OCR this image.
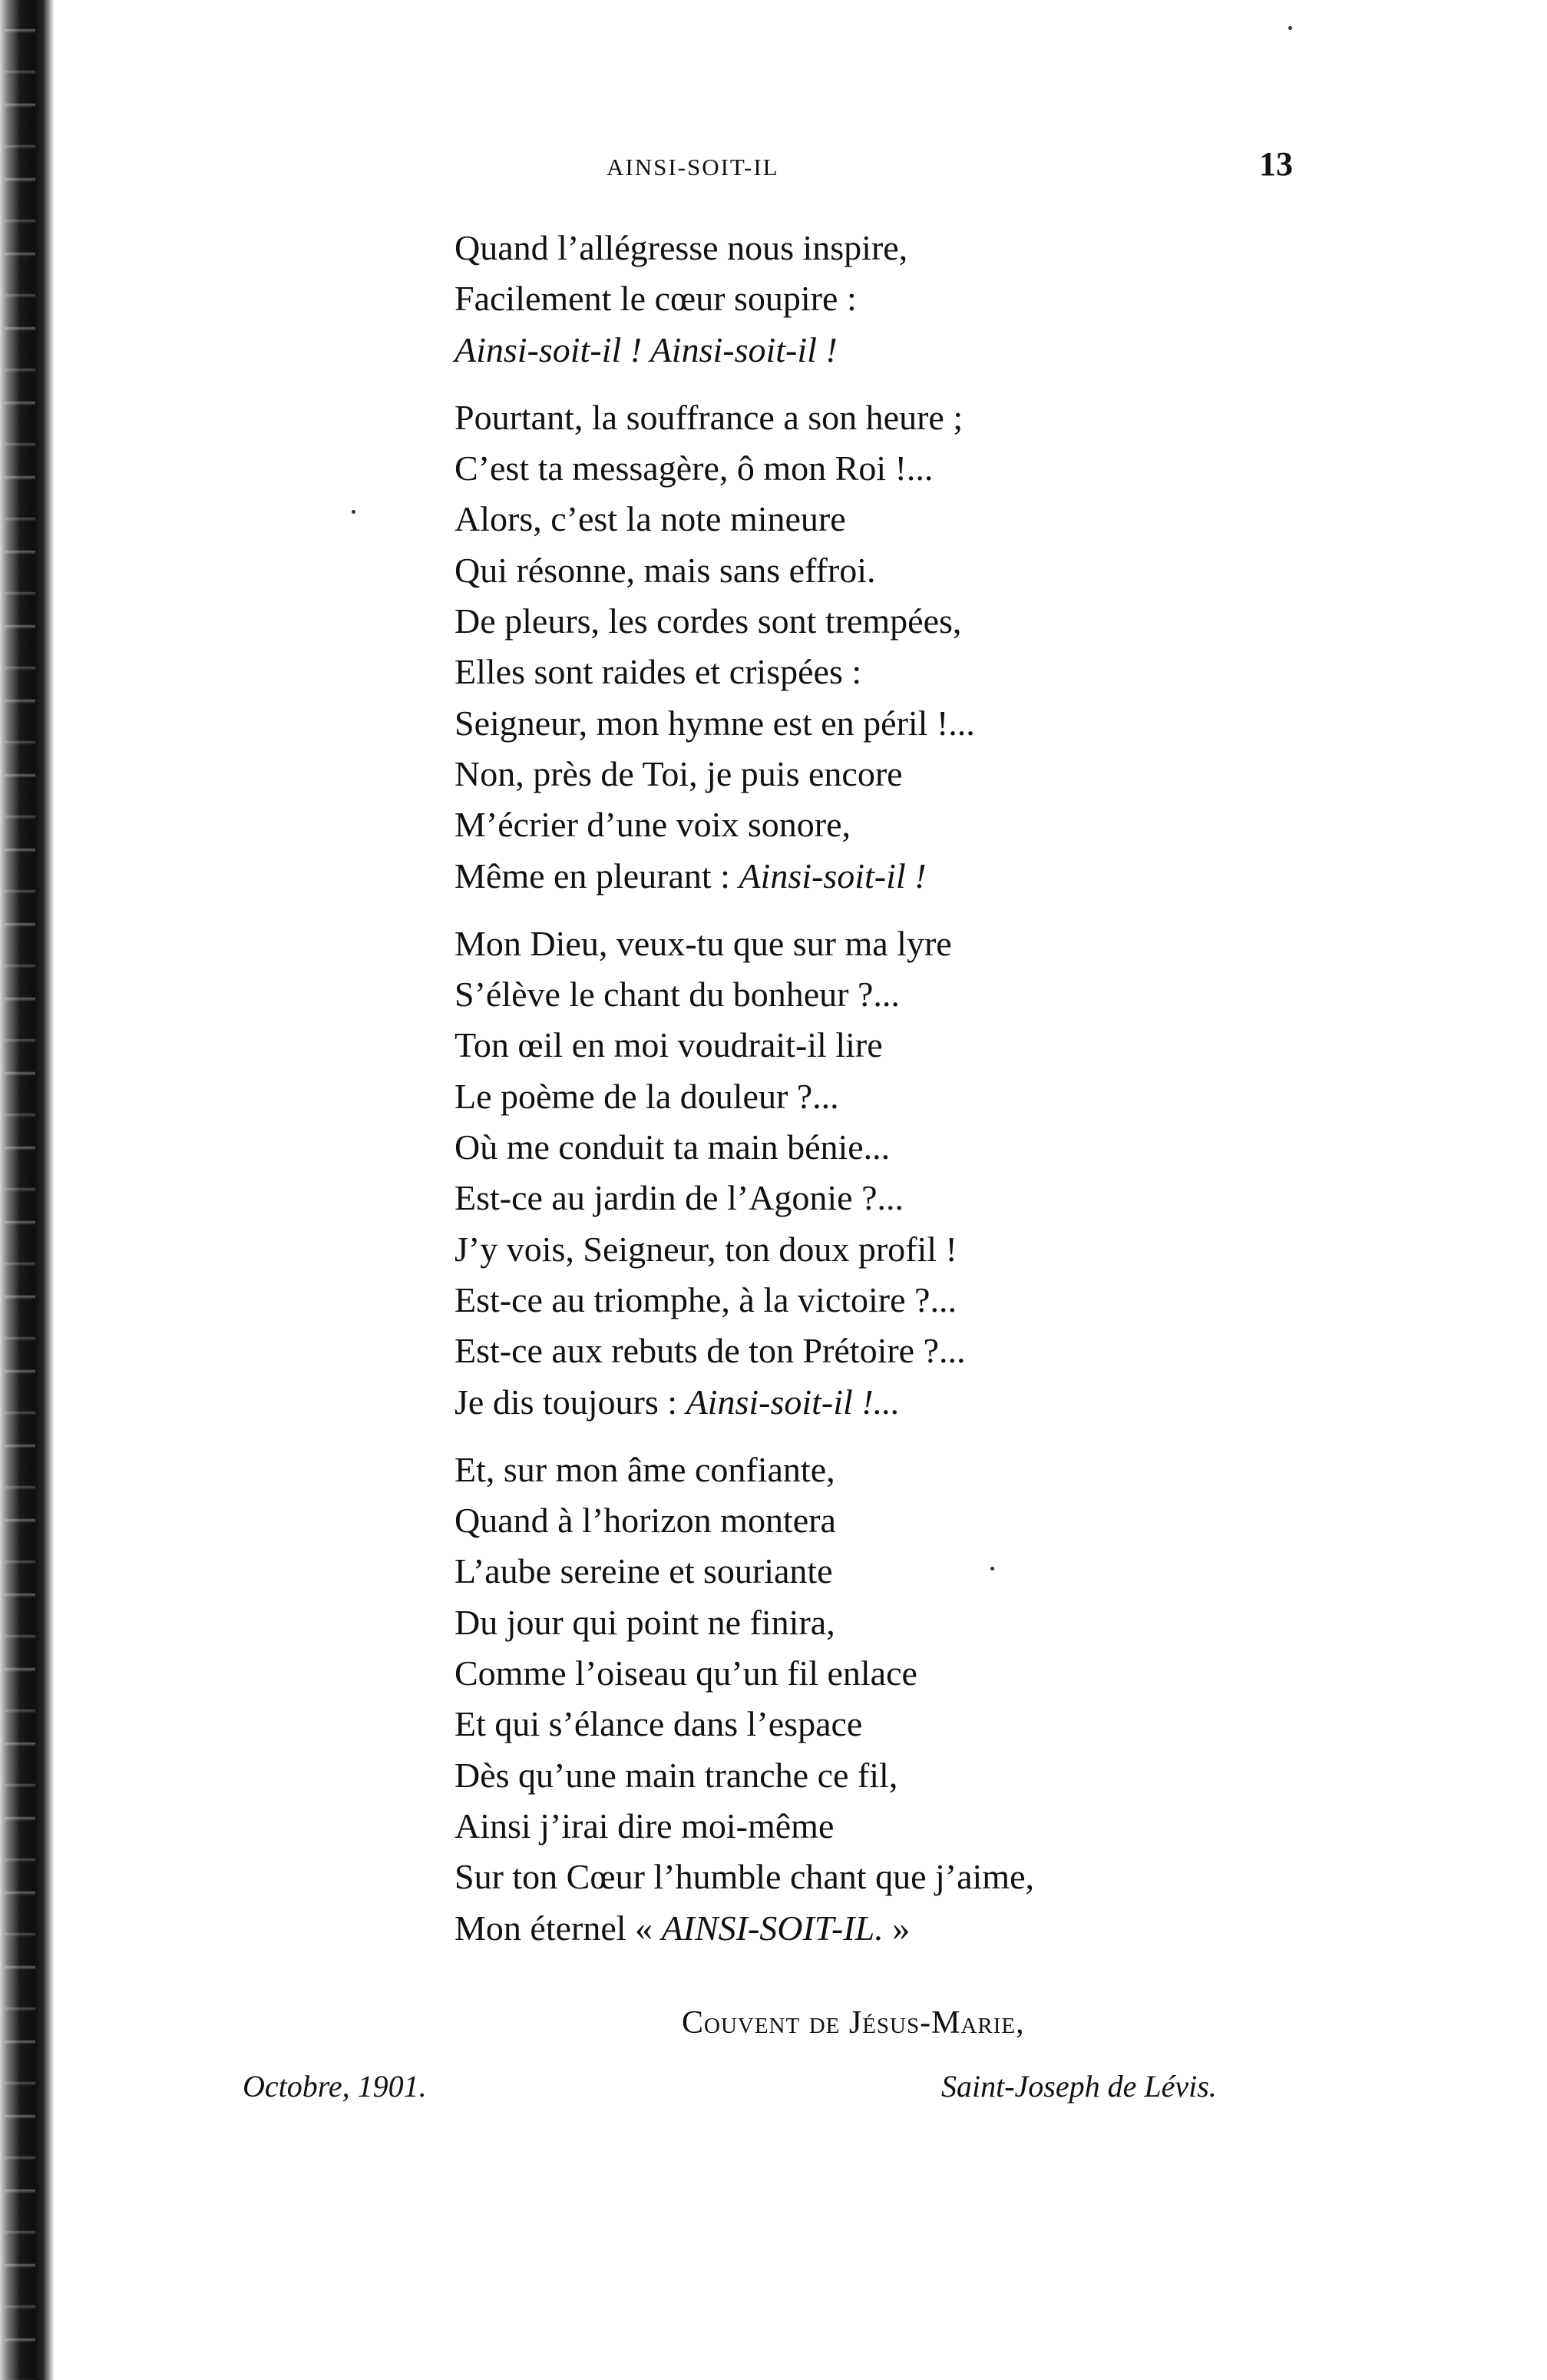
AINSI-SOIT-IL	13
Quand l’allégresse nous inspire,
Facilement le cœur soupire :
Ainsi-soit-il ! Ainsi-soit-il !
Pourtant, la souffrance a son heure ;
C’est ta messagère, ô mon Roi !...
Alors, c’est la note mineure
Qui résonne, mais sans effroi.
De pleurs, les cordes sont trempées,
Elles sont raides et crispées :
Seigneur, mon hymne est en péril !...
Non, près de Toi, je puis encore
M’écrier d’une voix sonore,
Même en pleurant : Ainsi-soit-il !
Mon Dieu, veux-tu que sur ma lyre
S’élève le chant du bonheur ?...
Ton œil en moi voudrait-il lire
Le poème de la douleur ?...
Où me conduit ta main bénie...
Est-ce au jardin de l’Agonie ?...
J’y vois, Seigneur, ton doux profil !
Est-ce au triomphe, à la victoire ?...
Est-ce aux rebuts de ton Prétoire ?...
Je dis toujours : Ainsi-soit-il !...
Et, sur mon âme confiante,
Quand à l’horizon montera
L’aube sereine et souriante
Du jour qui point ne finira,
Comme l’oiseau qu’un fil enlace
Et qui s’élance dans l’espace
Dès qu’une main tranche ce fil,
Ainsi j’irai dire moi-même
Sur ton Cœur l’humble chant que j’aime,
Mon éternel « AINSI-SOIT-IL. »
Couvent de Jésus-Marie,
Octobre, 1901.	Saint-Joseph de Lévis.
